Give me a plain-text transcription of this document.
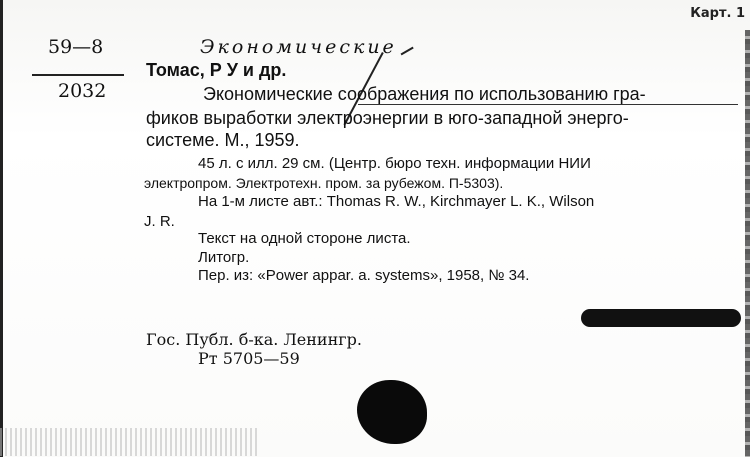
59—8
2032
Карт. 1
Экономические
Томас, Р У и др.
Экономические соображения по использованию гра-
фиков выработки электроэнергии в юго-западной энерго-
системе. М., 1959.
45 л. с илл. 29 см. (Центр. бюро техн. информации НИИ
электропром. Электротехн. пром. за рубежом. П-5303).
На 1-м листе авт.: Thomas R. W., Kirchmayer L. K., Wilson
J. R.
Текст на одной стороне листа.
Литогр.
Пер. из: «Power appar. a. systems», 1958, № 34.
Гос. Публ. б-ка. Ленингр.
Рт 5705—59
